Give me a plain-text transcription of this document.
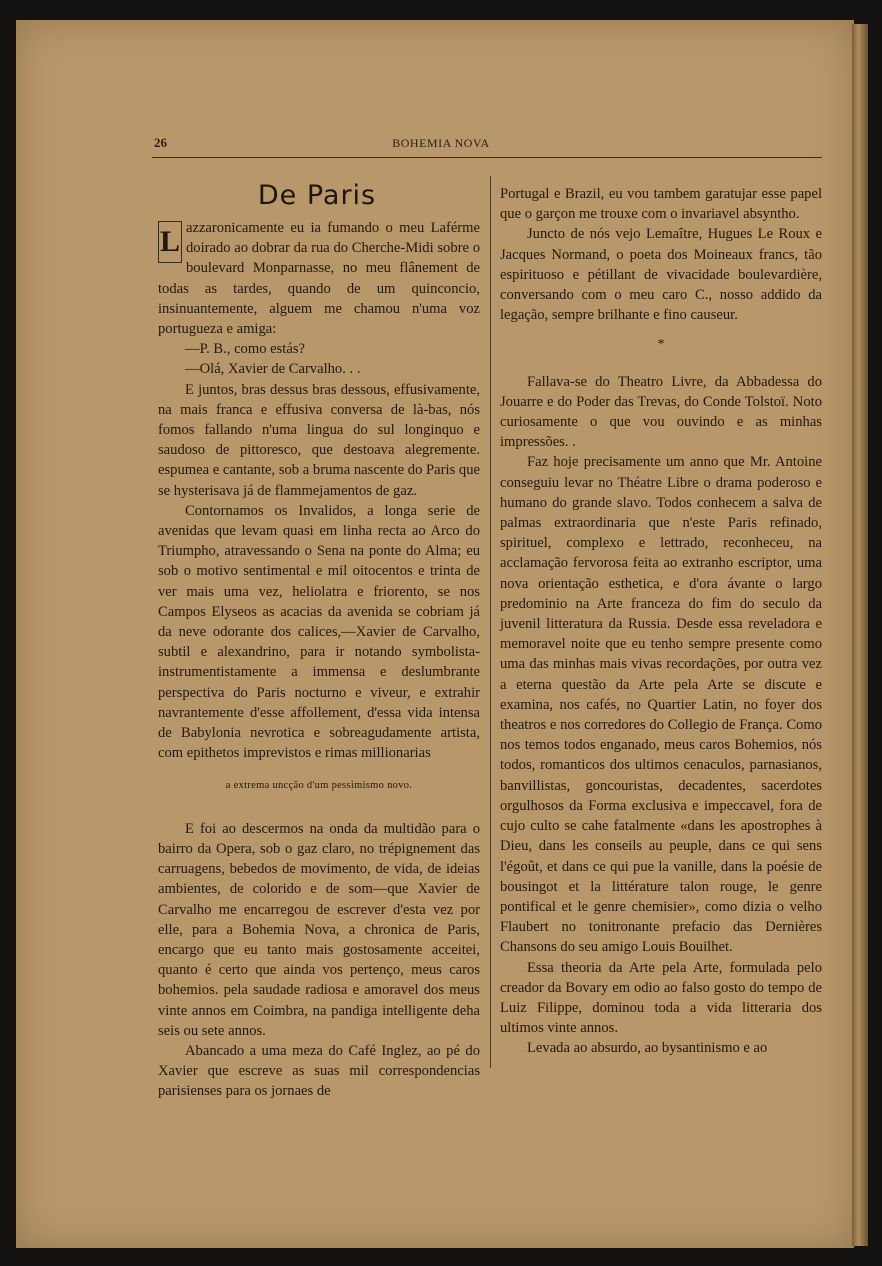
26	BOHEMIA NOVA
De Paris

L azzaronicamente eu ia fumando o meu Laférme doirado ao dobrar da rua do Cherche-Midi sobre o boulevard Monparnasse, no meu flânement de todas as tardes, quando de um quinconcio, insinuantemente, alguem me chamou n'uma voz portugueza e amiga:

—P. B., como estás?

—Olá, Xavier de Carvalho. . .

E juntos, bras dessus bras dessous, effusivamente, na mais franca e effusiva conversa de là-bas, nós fomos fallando n'uma lingua do sul longinquo e saudoso de pittoresco, que destoava alegremente. espumea e cantante, sob a bruma nascente do Paris que se hysterisava já de flammejamentos de gaz.

Contornamos os Invalidos, a longa serie de avenidas que levam quasi em linha recta ao Arco do Triumpho, atravessando o Sena na ponte do Alma; eu sob o motivo sentimental e mil oitocentos e trinta de ver mais uma vez, heliolatra e friorento, se nos Campos Elyseos as acacias da avenida se cobriam já da neve odorante dos calices,—Xavier de Carvalho, subtil e alexandrino, para ir notando symbolista-instrumentistamente a immensa e deslumbrante perspectiva do Paris nocturno e viveur, e extrahir navrantemente d'esse affollement, d'essa vida intensa de Babylonia nevrotica e sobreagudamente artista, com epithetos imprevistos e rimas millionarias

a extrema uncção d'um pessimismo novo.

E foi ao descermos na onda da multidão para o bairro da Opera, sob o gaz claro, no trépignement das carruagens, bebedos de movimento, de vida, de ideias ambientes, de colorido e de som—que Xavier de Carvalho me encarregou de escrever d'esta vez por elle, para a Bohemia Nova, a chronica de Paris, encargo que eu tanto mais gostosamente acceitei, quanto é certo que ainda vos pertenço, meus caros bohemios. pela saudade radiosa e amoravel dos meus vinte annos em Coimbra, na pandiga intelligente deha seis ou sete annos.

Abancado a uma meza do Café Inglez, ao pé do Xavier que escreve as suas mil correspondencias parisienses para os jornaes de

Portugal e Brazil, eu vou tambem garatujar esse papel que o garçon me trouxe com o invariavel absyntho.

Juncto de nós vejo Lemaître, Hugues Le Roux e Jacques Normand, o poeta dos Moineaux francs, tão espirituoso e pétillant de vivacidade boulevardière, conversando com o meu caro C., nosso addido da legação, sempre brilhante e fino causeur.

*

Fallava-se do Theatro Livre, da Abbadessa do Jouarre e do Poder das Trevas, do Conde Tolstoï. Noto curiosamente o que vou ouvindo e as minhas impressões. .

Faz hoje precisamente um anno que Mr. Antoine conseguiu levar no Théatre Libre o drama poderoso e humano do grande slavo. Todos conhecem a salva de palmas extraordinaria que n'este Paris refinado, spirituel, complexo e lettrado, reconheceu, na acclamação fervorosa feita ao extranho escriptor, uma nova orientação esthetica, e d'ora ávante o largo predominio na Arte franceza do fim do seculo da juvenil litteratura da Russia. Desde essa reveladora e memoravel noite que eu tenho sempre presente como uma das minhas mais vivas recordações, por outra vez a eterna questão da Arte pela Arte se discute e examina, nos cafés, no Quartier Latin, no foyer dos theatros e nos corredores do Collegio de França. Como nos temos todos enganado, meus caros Bohemios, nós todos, romanticos dos ultimos cenaculos, parnasianos, banvillistas, goncouristas, decadentes, sacerdotes orgulhosos da Forma exclusiva e impeccavel, fora de cujo culto se cahe fatalmente «dans les apostrophes à Dieu, dans les conseils au peuple, dans ce qui sens l'égoût, et dans ce qui pue la vanille, dans la poésie de bousingot et la littérature talon rouge, le genre pontifical et le genre chemisier», como dizia o velho Flaubert no tonitronante prefacio das Dernières Chansons do seu amigo Louis Bouilhet.

Essa theoria da Arte pela Arte, formulada pelo creador da Bovary em odio ao falso gosto do tempo de Luiz Filippe, dominou toda a vida litteraria dos ultimos vinte annos.

Levada ao absurdo, ao bysantinismo e ao
